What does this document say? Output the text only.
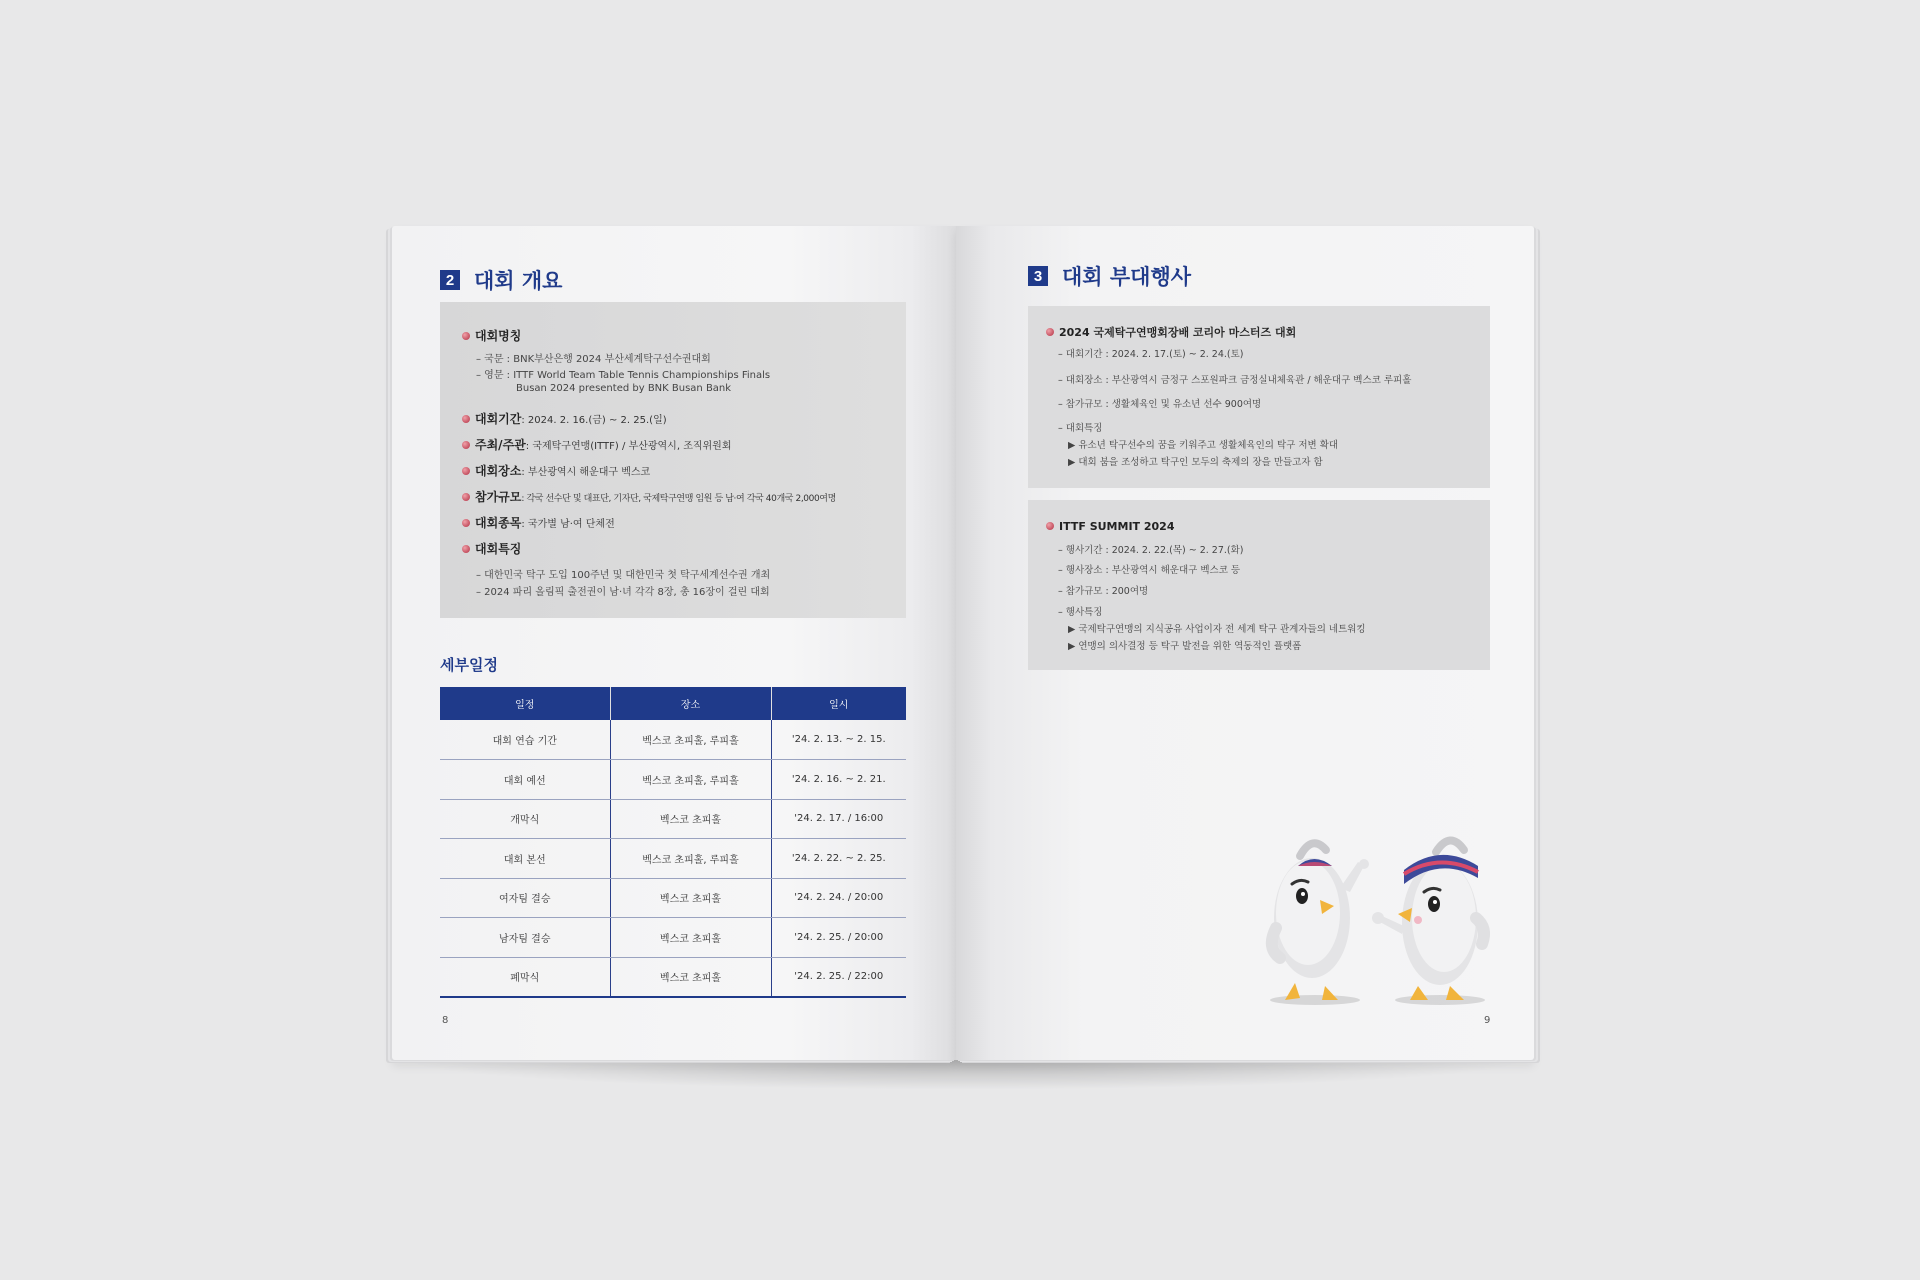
2 대회 개요
대회명칭
– 국문 : BNK부산은행 2024 부산세계탁구선수권대회
– 영문 : ITTF World Team Table Tennis Championships Finals
Busan 2024 presented by BNK Busan Bank
대회기간 : 2024. 2. 16.(금) ~ 2. 25.(일)
주최/주관 : 국제탁구연맹(ITTF) / 부산광역시, 조직위원회
대회장소 : 부산광역시 해운대구 벡스코
참가규모 : 각국 선수단 및 대표단, 기자단, 국제탁구연맹 임원 등 남·여 각국 40개국 2,000여명
대회종목 : 국가별 남·여 단체전
대회특징
– 대한민국 탁구 도입 100주년 및 대한민국 첫 탁구세계선수권 개최
– 2024 파리 올림픽 출전권이 남·녀 각각 8장, 총 16장이 걸린 대회
세부일정
일정	장소	일시
대회 연습 기간	벡스코 초피홀, 루피홀	'24. 2. 13. ~ 2. 15.
대회 예선	벡스코 초피홀, 루피홀	'24. 2. 16. ~ 2. 21.
개막식	벡스코 초피홀	'24. 2. 17. / 16:00
대회 본선	벡스코 초피홀, 루피홀	'24. 2. 22. ~ 2. 25.
여자팀 결승	벡스코 초피홀	'24. 2. 24. / 20:00
남자팀 결승	벡스코 초피홀	'24. 2. 25. / 20:00
폐막식	벡스코 초피홀	'24. 2. 25. / 22:00
8
3 대회 부대행사
2024 국제탁구연맹회장배 코리아 마스터즈 대회
– 대회기간 : 2024. 2. 17.(토) ~ 2. 24.(토)
– 대회장소 : 부산광역시 금정구 스포원파크 금정실내체육관 / 해운대구 벡스코 루피홀
– 참가규모 : 생활체육인 및 유소년 선수 900여명
– 대회특징
▶ 유소년 탁구선수의 꿈을 키워주고 생활체육인의 탁구 저변 확대
▶ 대회 붐을 조성하고 탁구인 모두의 축제의 장을 만들고자 함
ITTF SUMMIT 2024
– 행사기간 : 2024. 2. 22.(목) ~ 2. 27.(화)
– 행사장소 : 부산광역시 해운대구 벡스코 등
– 참가규모 : 200여명
– 행사특징
▶ 국제탁구연맹의 지식공유 사업이자 전 세계 탁구 관계자들의 네트워킹
▶ 연맹의 의사결정 등 탁구 발전을 위한 역동적인 플랫폼
9
